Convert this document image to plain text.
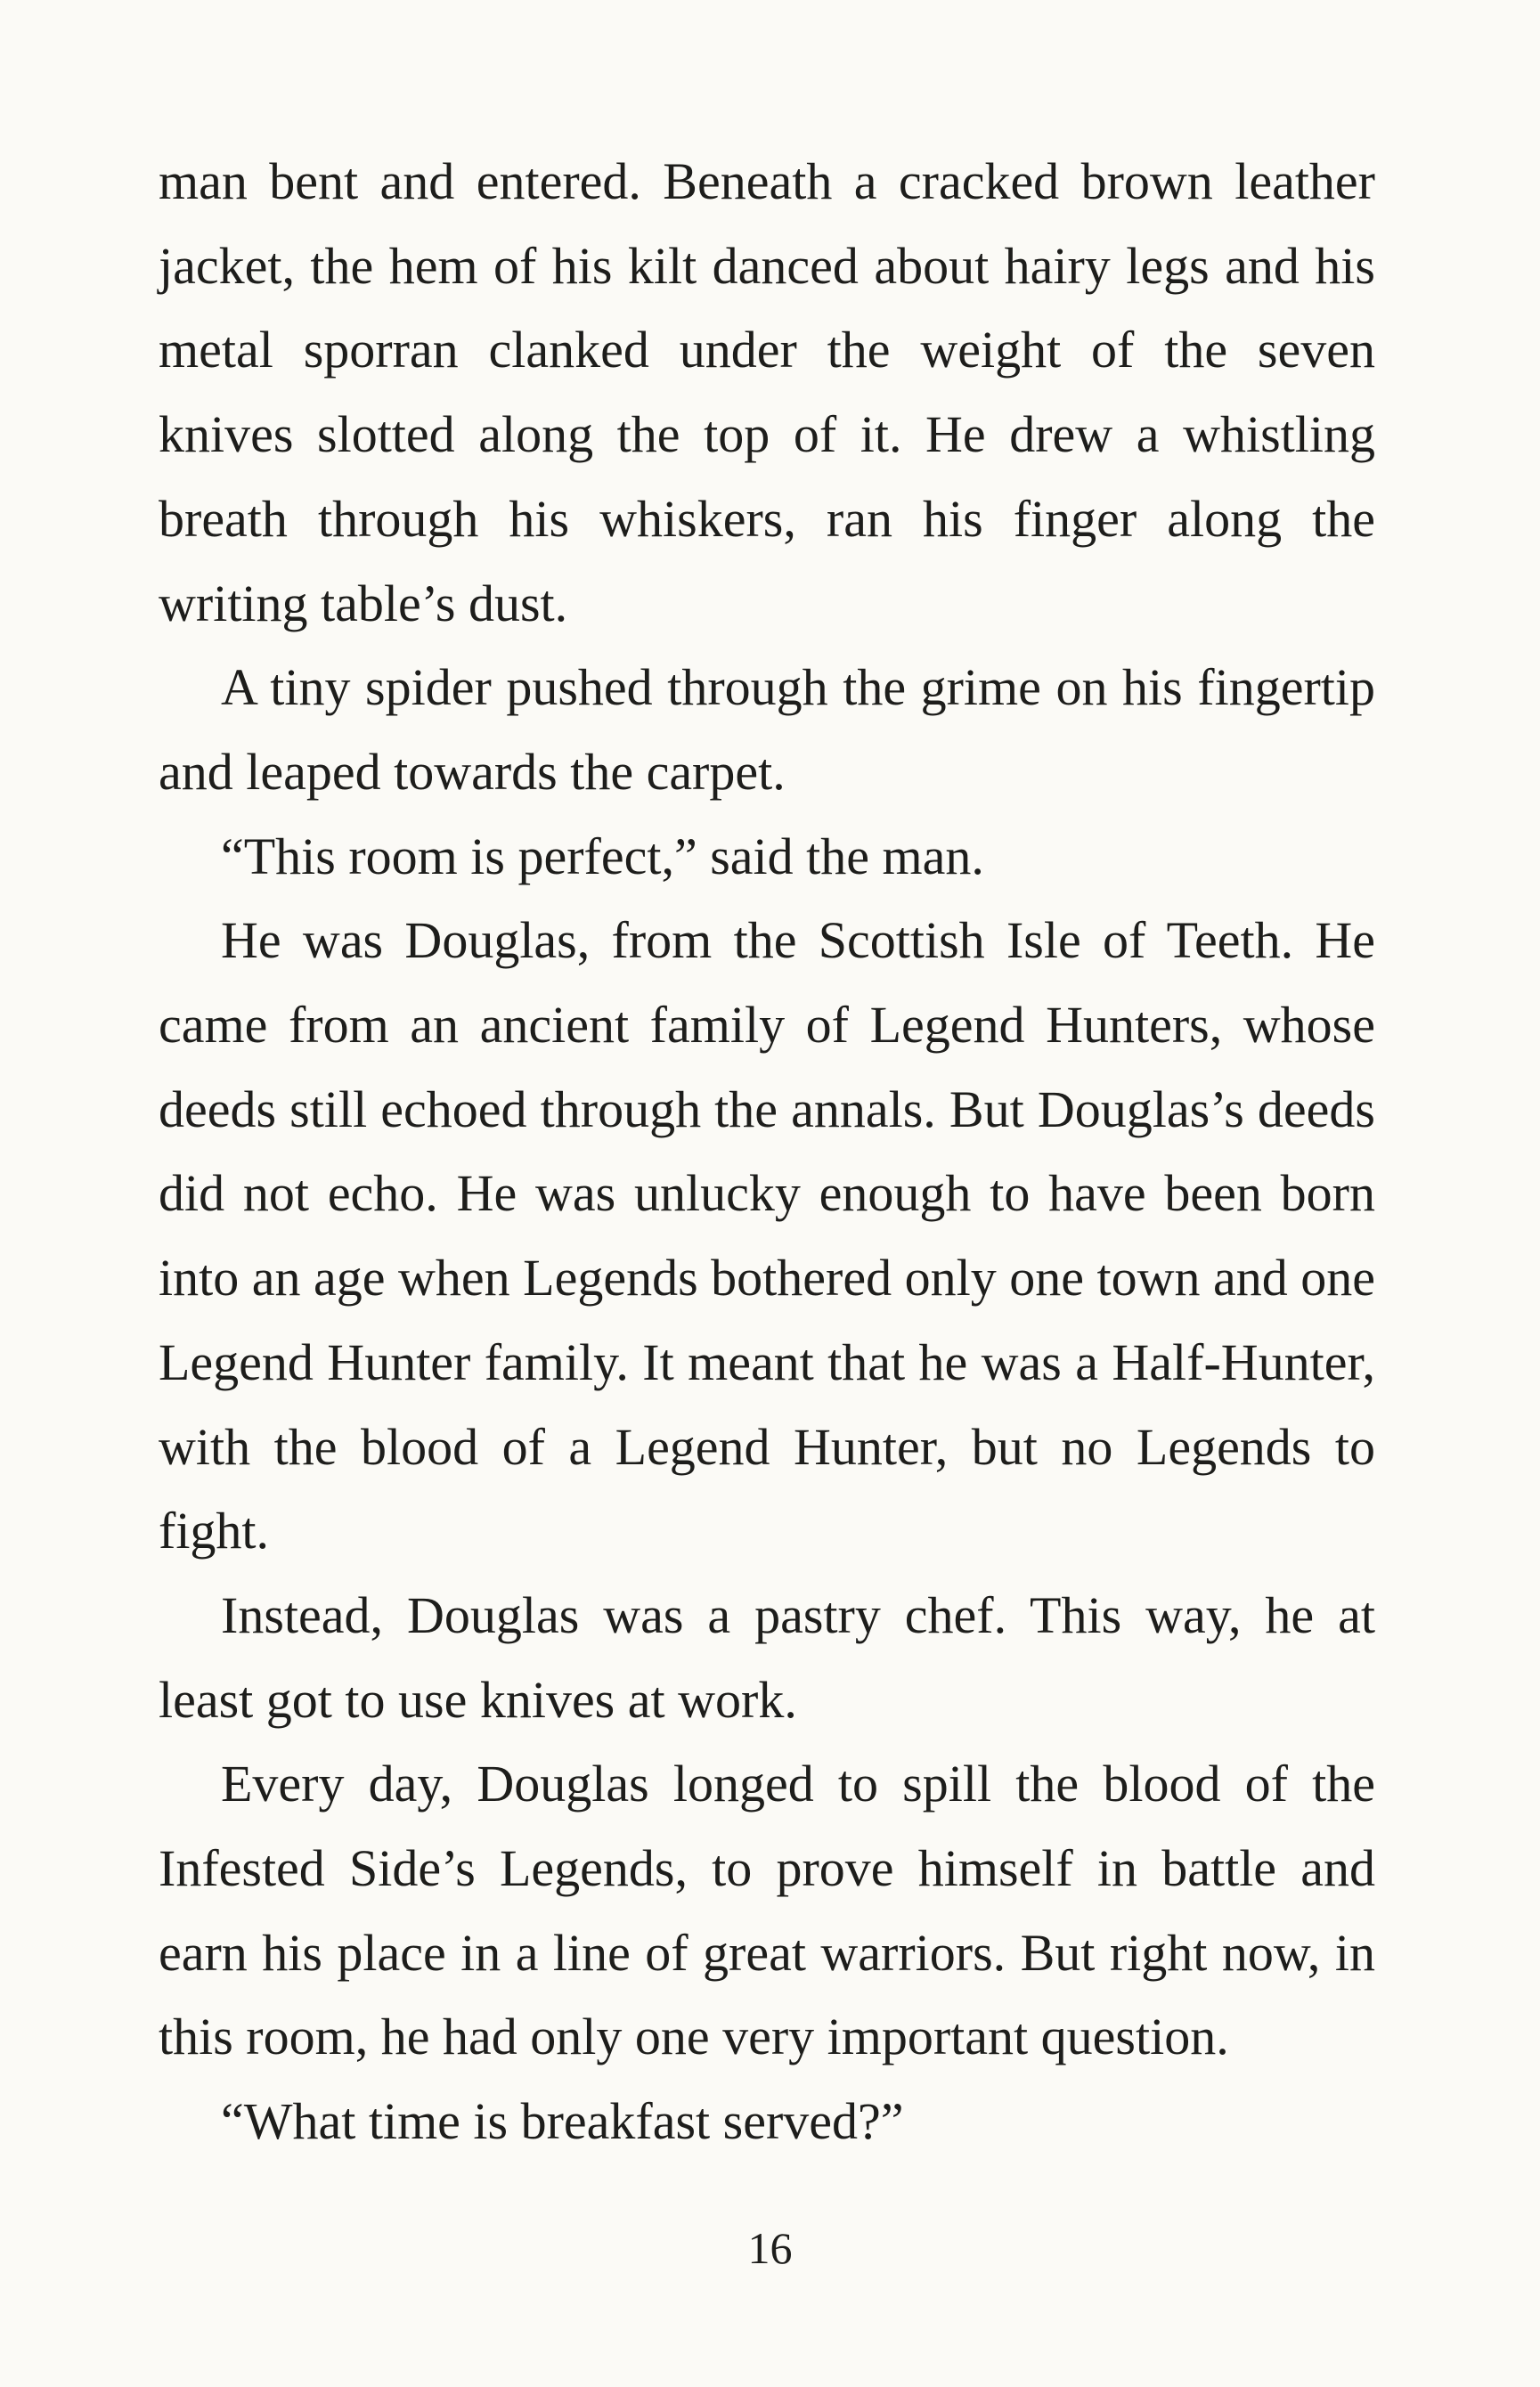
man bent and entered. Beneath a cracked brown leather jacket, the hem of his kilt danced about hairy legs and his metal sporran clanked under the weight of the seven knives slotted along the top of it. He drew a whistling breath through his whiskers, ran his finger along the writing table’s dust.

A tiny spider pushed through the grime on his fingertip and leaped towards the carpet.

“This room is perfect,” said the man.

He was Douglas, from the Scottish Isle of Teeth. He came from an ancient family of Legend Hunters, whose deeds still echoed through the annals. But Douglas’s deeds did not echo. He was unlucky enough to have been born into an age when Legends bothered only one town and one Legend Hunter family. It meant that he was a Half-Hunter, with the blood of a Legend Hunter, but no Legends to fight.

Instead, Douglas was a pastry chef. This way, he at least got to use knives at work.

Every day, Douglas longed to spill the blood of the Infested Side’s Legends, to prove himself in battle and earn his place in a line of great warriors. But right now, in this room, he had only one very important question.

“What time is breakfast served?”

16
